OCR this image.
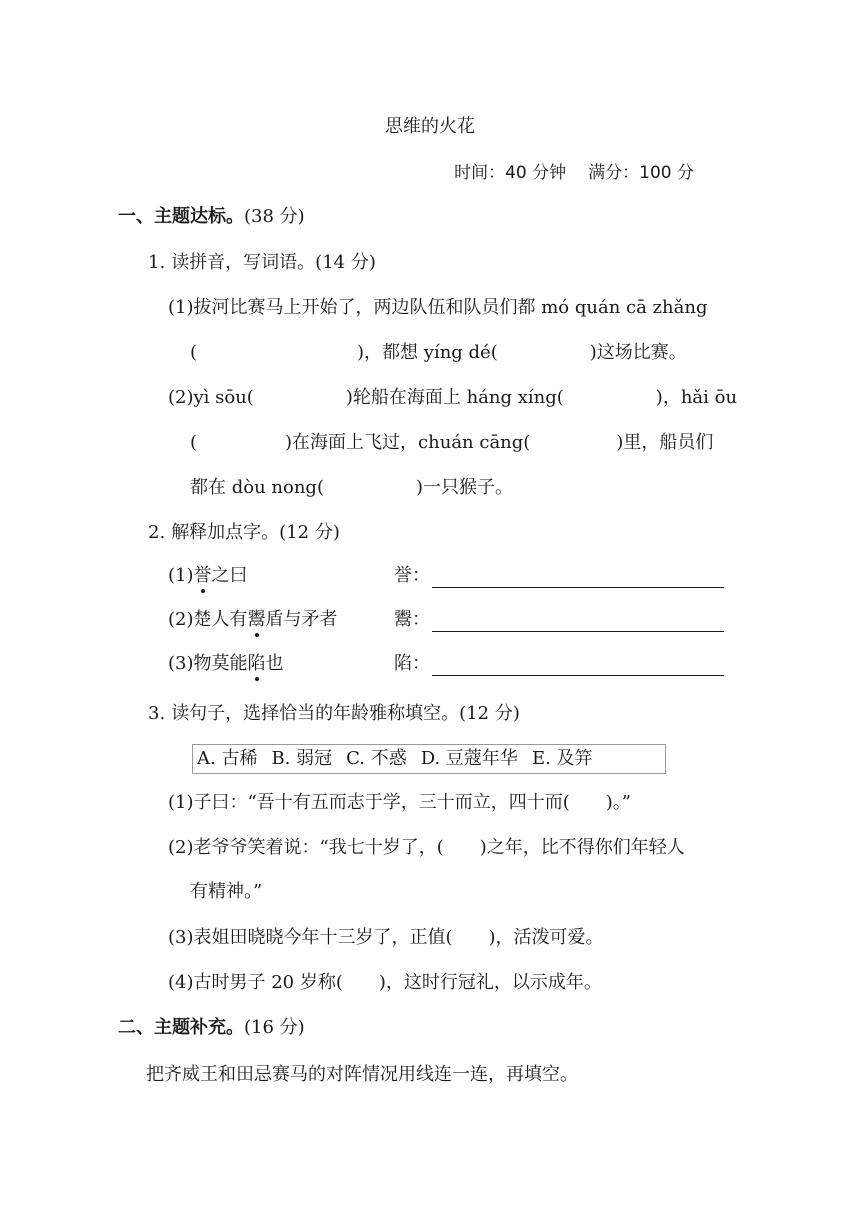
思维的火花
时间：40 分钟 满分：100 分
一、主题达标。(38 分)
1. 读拼音，写词语。(14 分)
(1)拔河比赛马上开始了，两边队伍和队员们都 mó quán cā zhǎng
(	)，都想 yíng dé(	)这场比赛。
(2)yì sōu(	)轮船在海面上 háng xíng(	)，hǎi ōu
(	)在海面上飞过，chuán cāng(	)里，船员们
都在 dòu nong(	)一只猴子。
2. 解释加点字。(12 分)
(1)誉之曰	誉：
(2)楚人有鬻盾与矛者	鬻：
(3)物莫能陷也	陷：
3. 读句子，选择恰当的年龄雅称填空。(12 分)
A. 古稀 B. 弱冠 C. 不惑 D. 豆蔻年华 E. 及笄
(1)子曰：“吾十有五而志于学，三十而立，四十而( )。”
(2)老爷爷笑着说：“我七十岁了，( )之年，比不得你们年轻人
有精神。”
(3)表姐田晓晓今年十三岁了，正值( )，活泼可爱。
(4)古时男子 20 岁称( )，这时行冠礼，以示成年。
二、主题补充。(16 分)
把齐威王和田忌赛马的对阵情况用线连一连，再填空。
